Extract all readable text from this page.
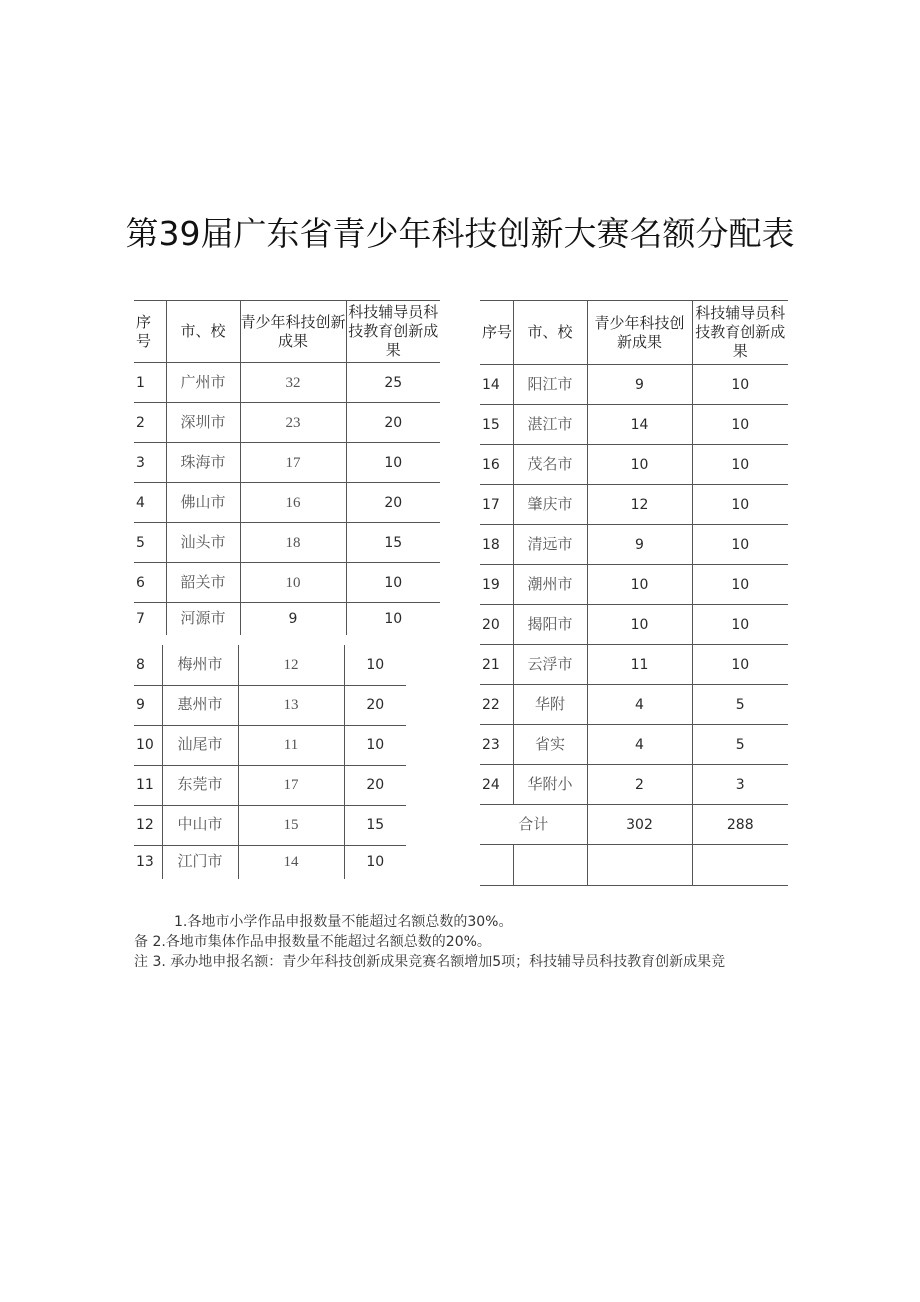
第39届广东省青少年科技创新大赛名额分配表
序号	市、校	青少年科技创新成果	科技辅导员科技教育创新成果
1	广州市	32	25
2	深圳市	23	20
3	珠海市	17	10
4	佛山市	16	20
5	汕头市	18	15
6	韶关市	10	10
7	河源市	9	10
8	梅州市	12	10
9	惠州市	13	20
10	汕尾市	11	10
11	东莞市	17	20
12	中山市	15	15
13	江门市	14	10
序号	市、校	青少年科技创新成果	科技辅导员科技教育创新成果
14	阳江市	9	10
15	湛江市	14	10
16	茂名市	10	10
17	肇庆市	12	10
18	清远市	9	10
19	潮州市	10	10
20	揭阳市	10	10
21	云浮市	11	10
22	华附	4	5
23	省实	4	5
24	华附小	2	3
合计		302	288

1.各地市小学作品申报数量不能超过名额总数的30%。
备 2.各地市集体作品申报数量不能超过名额总数的20%。
注 3. 承办地申报名额：青少年科技创新成果竞赛名额增加5项；科技辅导员科技教育创新成果竞
